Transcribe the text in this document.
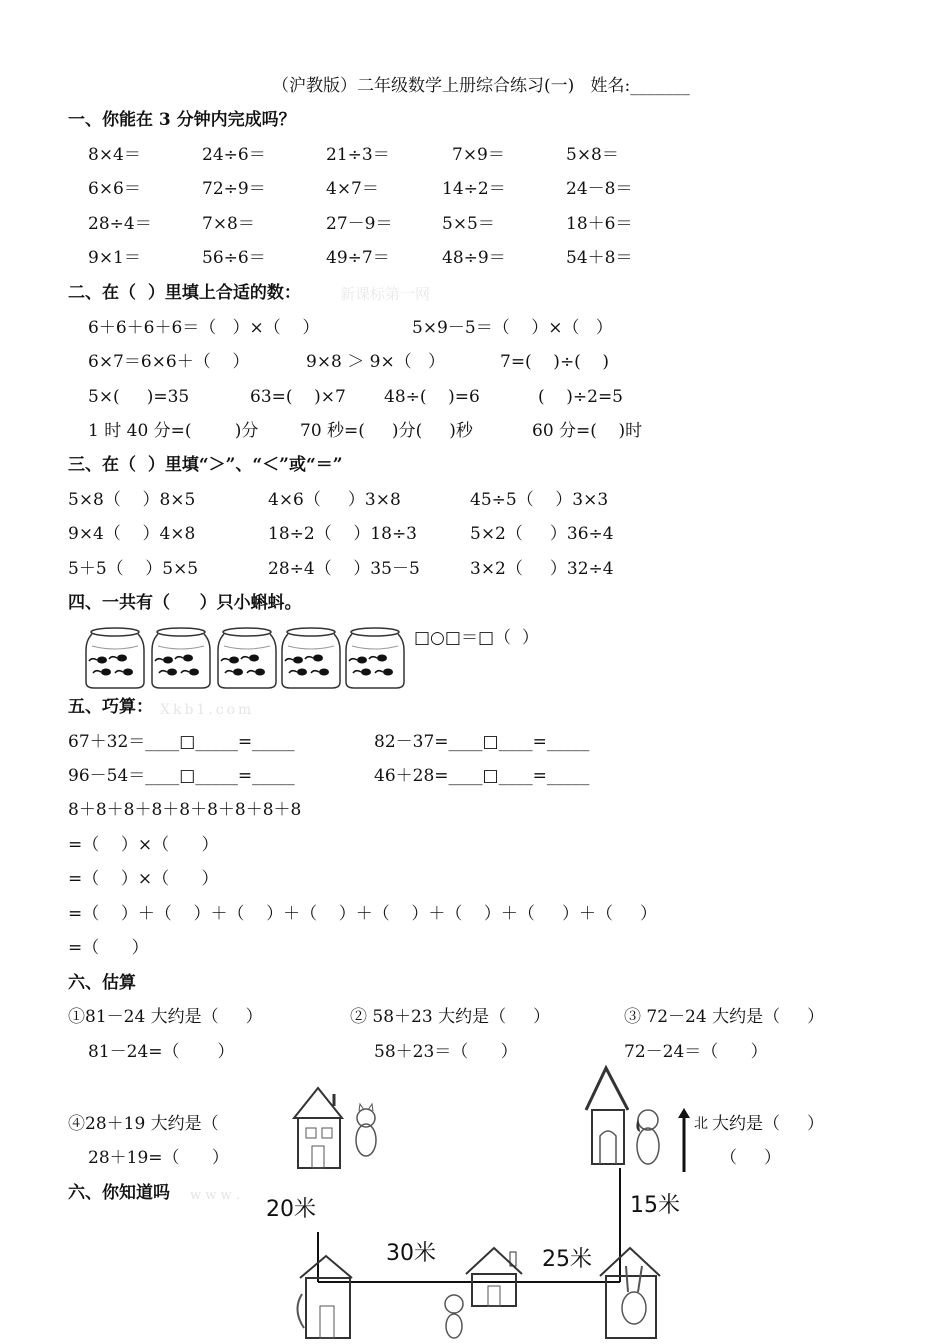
（沪教版）二年级数学上册综合练习(一)   姓名:_______
一、你能在 3 分钟内完成吗？
8×4＝	24÷6＝	21÷3＝	7×9＝	5×8＝
6×6＝	72÷9＝	4×7＝	14÷2＝	24－8＝
28÷4＝	7×8＝	27－9＝	5×5＝	18＋6＝
9×1＝	56÷6＝	49÷7＝	48÷9＝	54＋8＝
二、在（  ）里填上合适的数：	新课标第一网
6＋6＋6＋6＝（   ）×（    ）	5×9－5＝（    ）×（   ）
6×7＝6×6＋（    ）	9×8 ＞ 9×（   ）	7=(    )÷(    )
5×(     )=35	63=(    )×7 48÷(    )=6	(    )÷2=5
1 时 40 分=(        )分 70 秒=(     )分(     )秒	60 分=(    )时
三、在（  ）里填“＞”、“＜”或“＝”
5×8（    ）8×5	4×6（     ）3×8	45÷5（    ）3×3
9×4（    ）4×8	18÷2（    ）18÷3	5×2（     ）36÷4
5＋5（    ）5×5	28÷4（    ）35－5	3×2（     ）32÷4
四、一共有（     ）只小蝌蚪。
□○□＝□（  ）
五、巧算： Xkb1.com
67＋32＝____□_____=_____	82－37=____□____=_____
96－54＝____□_____=_____	46＋28=____□____=_____
8＋8＋8＋8＋8＋8＋8＋8＋8
=（    ）×（      ）
=（    ）×（      ）
=（    ）＋（    ）＋（    ）＋（    ）＋（    ）＋（    ）＋（     ）＋（     ）
=（      ）
六、估算
①81－24 大约是（     ）
81－24=（       ）
② 58＋23 大约是（     ）
58＋23＝（      ）
③ 72－24 大约是（     ）
72－24＝（      ）
④28＋19 大约是（
28＋19=（      ）
大约是（     ）
（     ）
六、你知道吗 w w w .
北
20米
30米	25米
15米
